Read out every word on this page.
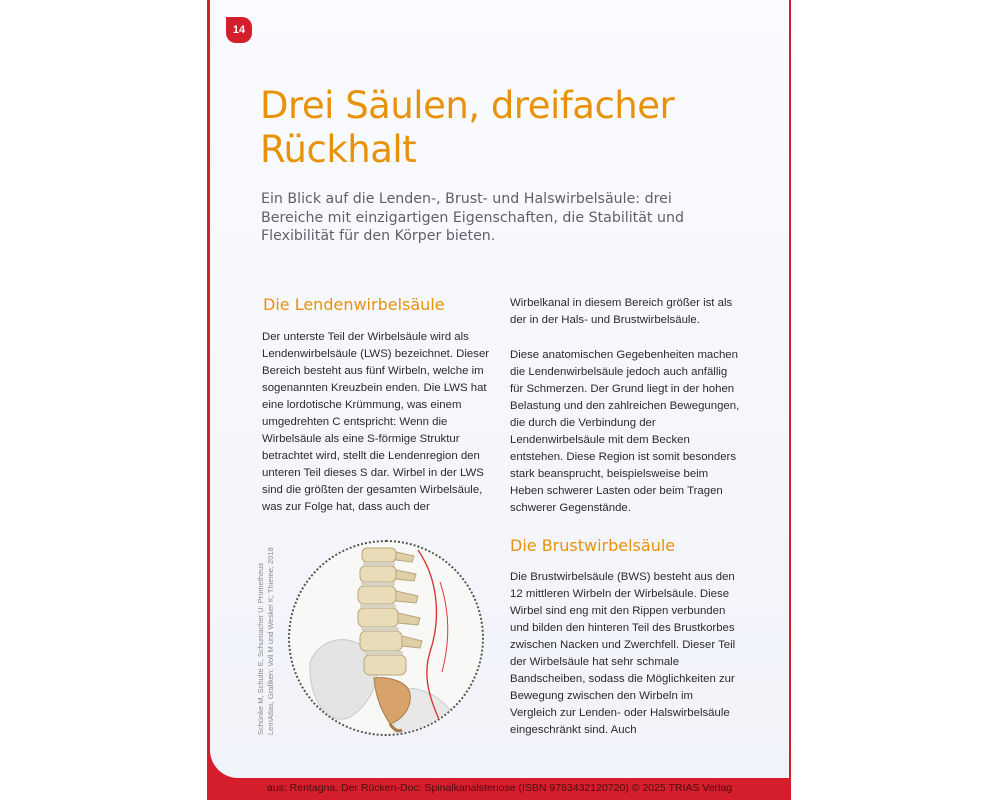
14
Drei Säulen, dreifacher Rückhalt

Ein Blick auf die Lenden-, Brust- und Halswirbelsäule: drei Bereiche mit einzigartigen Eigenschaften, die Stabilität und Flexibilität für den Körper bieten.

Die Lendenwirbelsäule

Der unterste Teil der Wirbelsäule wird als Lendenwirbelsäule (LWS) bezeichnet. Dieser Bereich besteht aus fünf Wirbeln, welche im sogenannten Kreuzbein enden. Die LWS hat eine lordotische Krümmung, was einem umgedrehten C entspricht: Wenn die Wirbelsäule als eine S-förmige Struktur betrachtet wird, stellt die Lendenregion den unteren Teil dieses S dar. Wirbel in der LWS sind die größten der gesamten Wirbelsäule, was zur Folge hat, dass auch der

Schünke M, Schulte E, Schumacher U: Prometheus LernAtlas, Grafiken: Voll M und Wesker K; Thieme; 2018

Wirbelkanal in diesem Bereich größer ist als der in der Hals- und Brustwirbelsäule.

Diese anatomischen Gegebenheiten machen die Lendenwirbelsäule jedoch auch anfällig für Schmerzen. Der Grund liegt in der hohen Belastung und den zahlreichen Bewegungen, die durch die Verbindung der Lendenwirbelsäule mit dem Becken entstehen. Diese Region ist somit besonders stark beansprucht, beispielsweise beim Heben schwerer Lasten oder beim Tragen schwerer Gegenstände.

Die Brustwirbelsäule

Die Brustwirbelsäule (BWS) besteht aus den 12 mittleren Wirbeln der Wirbelsäule. Diese Wirbel sind eng mit den Rippen verbunden und bilden den hinteren Teil des Brustkorbes zwischen Nacken und Zwerchfell. Dieser Teil der Wirbelsäule hat sehr schmale Bandscheiben, sodass die Möglichkeiten zur Bewegung zwischen den Wirbeln im Vergleich zur Lenden- oder Halswirbelsäule eingeschränkt sind. Auch

aus: Rentagna. Der Rücken-Doc: Spinalkanalstenose (ISBN 9783432120720) © 2025 TRIAS Verlag
